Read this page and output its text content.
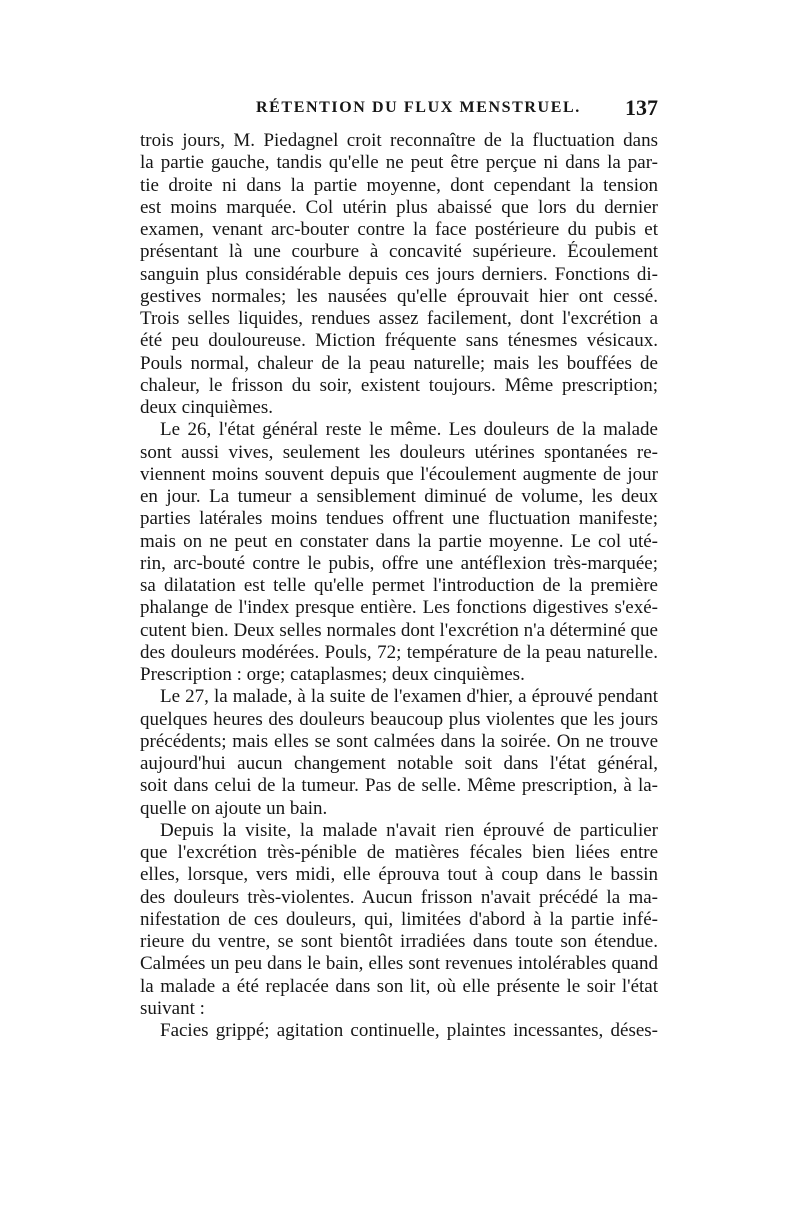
RÉTENTION DU FLUX MENSTRUEL. 137
trois jours, M. Piedagnel croit reconnaître de la fluctuation dans
la partie gauche, tandis qu'elle ne peut être perçue ni dans la par-
tie droite ni dans la partie moyenne, dont cependant la tension
est moins marquée. Col utérin plus abaissé que lors du dernier
examen, venant arc-bouter contre la face postérieure du pubis et
présentant là une courbure à concavité supérieure. Écoulement
sanguin plus considérable depuis ces jours derniers. Fonctions di-
gestives normales; les nausées qu'elle éprouvait hier ont cessé.
Trois selles liquides, rendues assez facilement, dont l'excrétion a
été peu douloureuse. Miction fréquente sans ténesmes vésicaux.
Pouls normal, chaleur de la peau naturelle; mais les bouffées de
chaleur, le frisson du soir, existent toujours. Même prescription;
deux cinquièmes.
Le 26, l'état général reste le même. Les douleurs de la malade
sont aussi vives, seulement les douleurs utérines spontanées re-
viennent moins souvent depuis que l'écoulement augmente de jour
en jour. La tumeur a sensiblement diminué de volume, les deux
parties latérales moins tendues offrent une fluctuation manifeste;
mais on ne peut en constater dans la partie moyenne. Le col uté-
rin, arc-bouté contre le pubis, offre une antéflexion très-marquée;
sa dilatation est telle qu'elle permet l'introduction de la première
phalange de l'index presque entière. Les fonctions digestives s'exé-
cutent bien. Deux selles normales dont l'excrétion n'a déterminé que
des douleurs modérées. Pouls, 72; température de la peau naturelle.
Prescription : orge; cataplasmes; deux cinquièmes.
Le 27, la malade, à la suite de l'examen d'hier, a éprouvé pendant
quelques heures des douleurs beaucoup plus violentes que les jours
précédents; mais elles se sont calmées dans la soirée. On ne trouve
aujourd'hui aucun changement notable soit dans l'état général,
soit dans celui de la tumeur. Pas de selle. Même prescription, à la-
quelle on ajoute un bain.
Depuis la visite, la malade n'avait rien éprouvé de particulier
que l'excrétion très-pénible de matières fécales bien liées entre
elles, lorsque, vers midi, elle éprouva tout à coup dans le bassin
des douleurs très-violentes. Aucun frisson n'avait précédé la ma-
nifestation de ces douleurs, qui, limitées d'abord à la partie infé-
rieure du ventre, se sont bientôt irradiées dans toute son étendue.
Calmées un peu dans le bain, elles sont revenues intolérables quand
la malade a été replacée dans son lit, où elle présente le soir l'état
suivant :
Facies grippé; agitation continuelle, plaintes incessantes, déses-
